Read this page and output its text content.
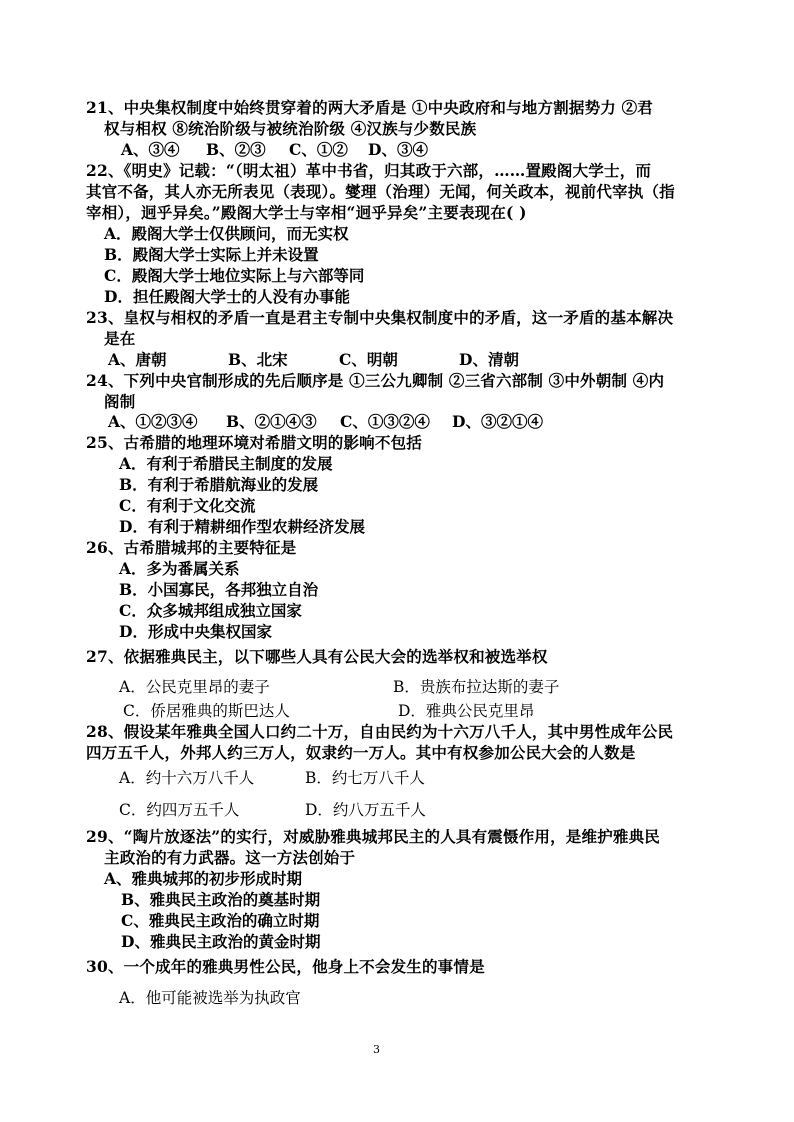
21、中央集权制度中始终贯穿着的两大矛盾是 ①中央政府和与地方割据势力 ②君
权与相权 ⑧统治阶级与被统治阶级 ④汉族与少数民族
A、③④ B、②③ C、①② D、③④
22、《明史》记载：“（明太祖）革中书省，归其政于六部，……置殿阁大学士，而
其官不备，其人亦无所表见（表现）。燮理（治理）无闻，何关政本，视前代宰执（指
宰相），迥乎异矣。”殿阁大学士与宰相“迥乎异矣”主要表现在( )
A．殿阁大学士仅供顾问，而无实权
B．殿阁大学士实际上并未设置
C．殿阁大学士地位实际上与六部等同
D．担任殿阁大学士的人没有办事能
23、皇权与相权的矛盾一直是君主专制中央集权制度中的矛盾，这一矛盾的基本解决
是在
A、唐朝	B、北宋	C、明朝	D、清朝
24、下列中央官制形成的先后顺序是 ①三公九卿制 ②三省六部制 ③中外朝制 ④内
阁制
A、①②③④ B、②①④③ C、①③②④ D、③②①④
25、古希腊的地理环境对希腊文明的影响不包括
A．有利于希腊民主制度的发展
B．有利于希腊航海业的发展
C．有利于文化交流
D．有利于精耕细作型农耕经济发展
26、古希腊城邦的主要特征是
A．多为番属关系
B．小国寡民，各邦独立自治
C．众多城邦组成独立国家
D．形成中央集权国家
27、依据雅典民主，以下哪些人具有公民大会的选举权和被选举权
A．公民克里昂的妻子	B．贵族布拉达斯的妻子
C．侨居雅典的斯巴达人	D．雅典公民克里昂
28、假设某年雅典全国人口约二十万，自由民约为十六万八千人，其中男性成年公民
四万五千人，外邦人约三万人，奴隶约一万人。其中有权参加公民大会的人数是
A．约十六万八千人	B．约七万八千人
C．约四万五千人	D．约八万五千人
29、“陶片放逐法”的实行，对威胁雅典城邦民主的人具有震慑作用，是维护雅典民
主政治的有力武器。这一方法创始于
A、雅典城邦的初步形成时期
B、雅典民主政治的奠基时期
C、雅典民主政治的确立时期
D、雅典民主政治的黄金时期
30、一个成年的雅典男性公民，他身上不会发生的事情是
A．他可能被选举为执政官
3
